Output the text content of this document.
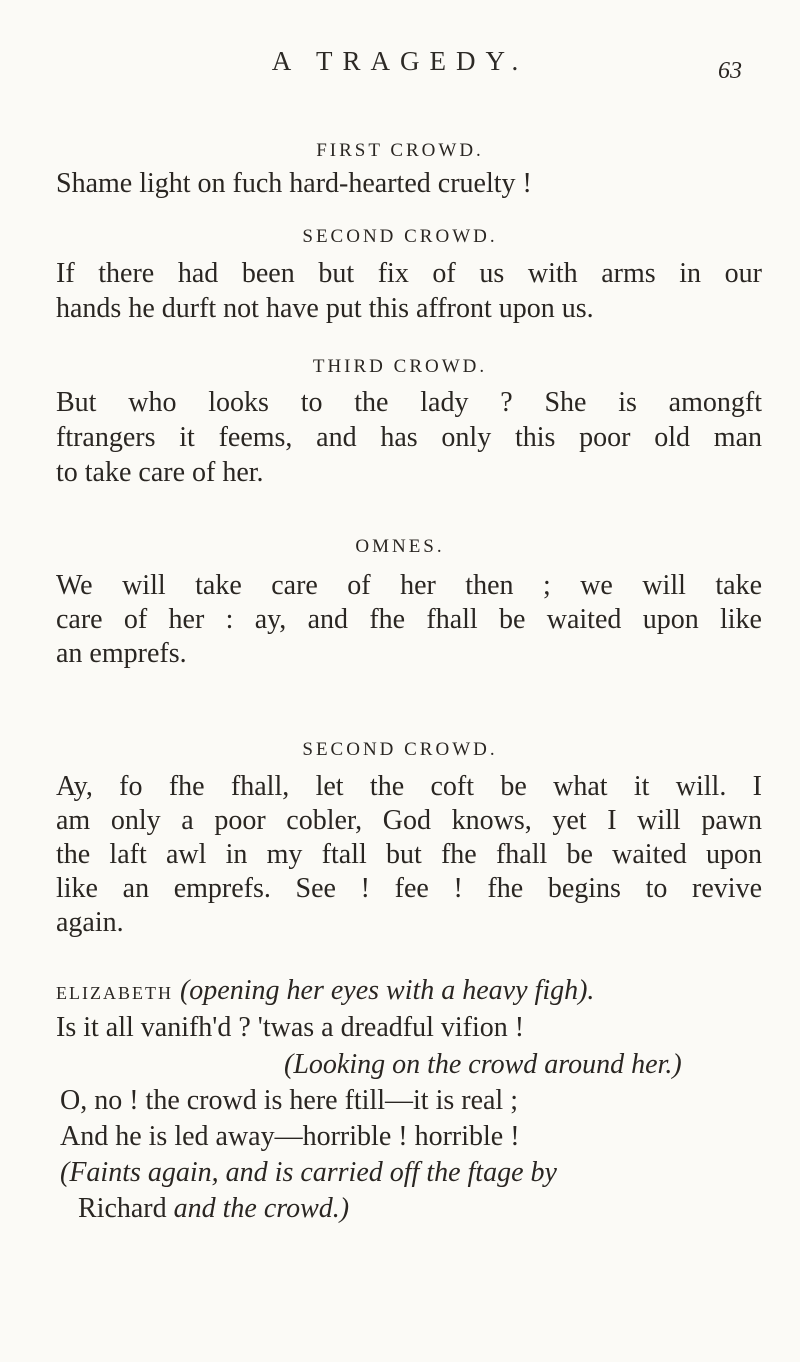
A TRAGEDY.	63
FIRST CROWD.
Shame light on fuch hard-hearted cruelty !
SECOND CROWD.
If there had been but fix of us with arms in our
hands he durft not have put this affront upon us.
THIRD CROWD.
But who looks to the lady ? She is amongft
ftrangers it feems, and has only this poor old man
to take care of her.
OMNES.
We will take care of her then ; we will take
care of her : ay, and fhe fhall be waited upon like
an emprefs.
SECOND CROWD.
Ay, fo fhe fhall, let the coft be what it will. I
am only a poor cobler, God knows, yet I will pawn
the laft awl in my ftall but fhe fhall be waited upon
like an emprefs. See ! fee ! fhe begins to revive
again.
ELIZABETH (opening her eyes with a heavy figh).
Is it all vanifh'd ? 'twas a dreadful vifion !
(Looking on the crowd around her.)
O, no ! the crowd is here ftill—it is real ;
And he is led away—horrible ! horrible !
(Faints again, and is carried off the ftage by
Richard and the crowd.)
